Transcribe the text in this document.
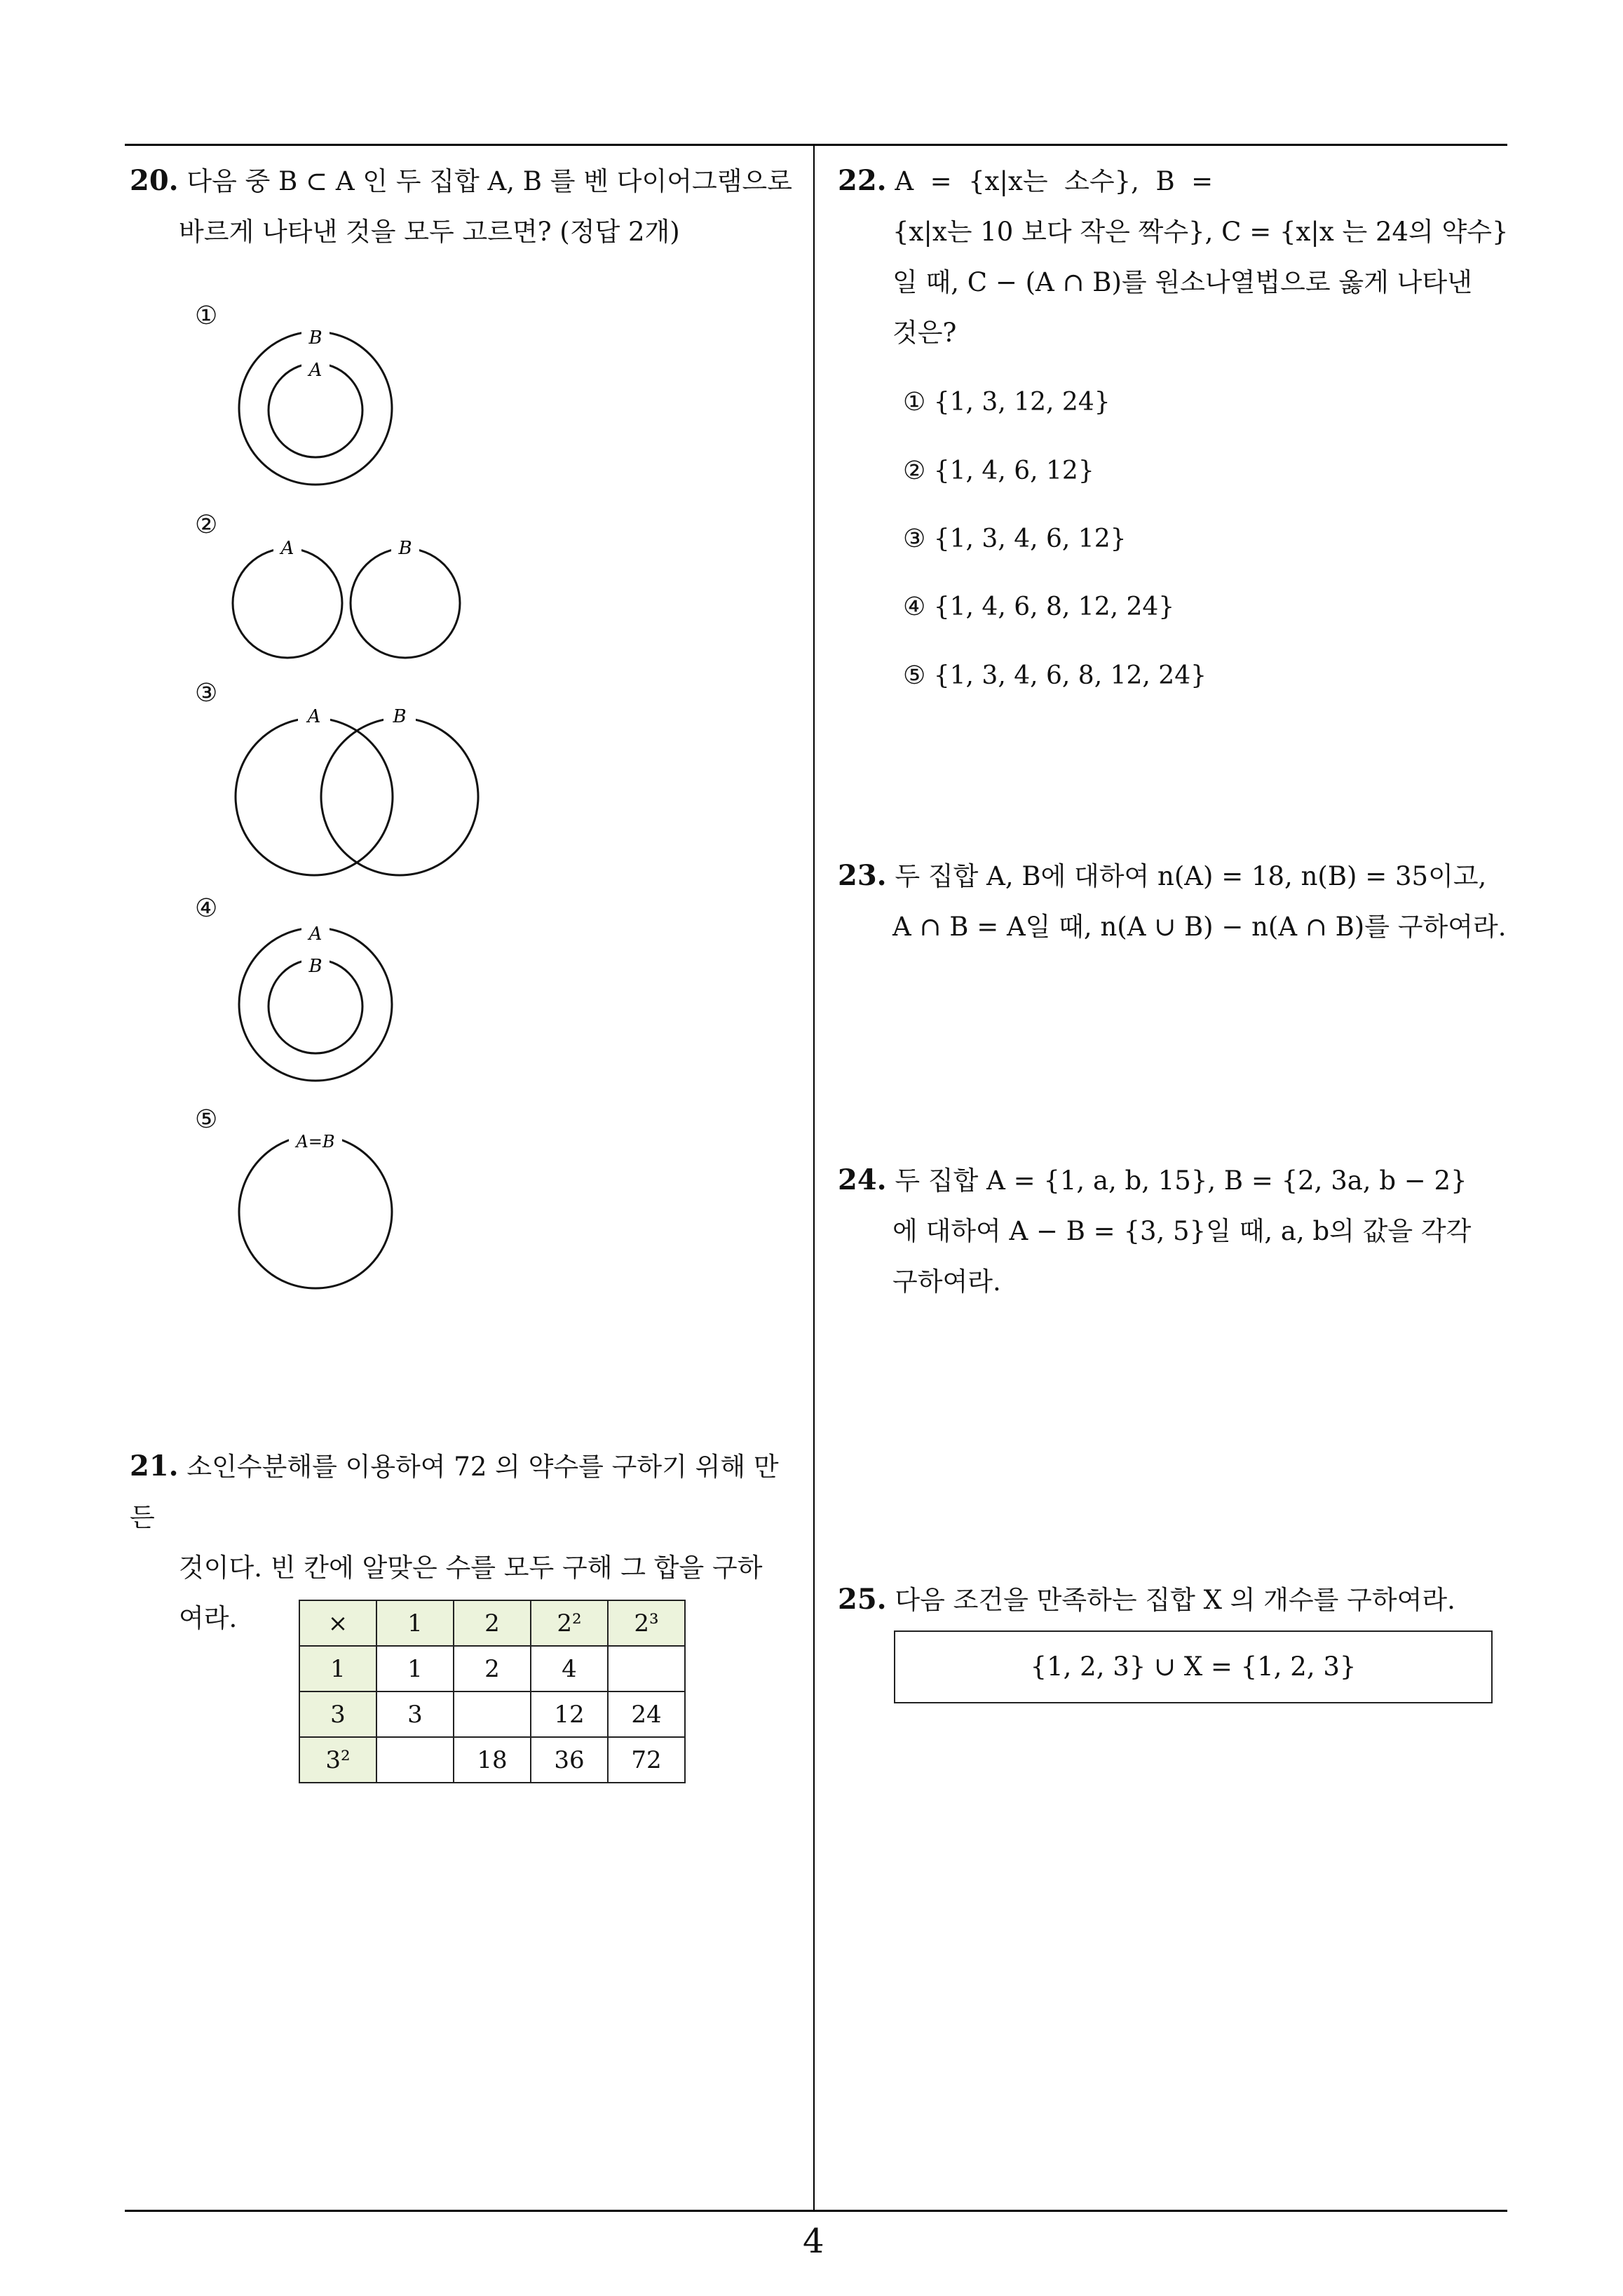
20. 다음 중 B ⊂ A 인 두 집합 A, B 를 벤 다이어그램으로
바르게 나타낸 것을 모두 고르면? (정답 2개)
①
B
A
②
A	B
③
A	B
④
A
B
⑤
A=B
21. 소인수분해를 이용하여 72 의 약수를 구하기 위해 만든
것이다. 빈 칸에 알맞은 수를 모두 구해 그 합을 구하
여라.	×	1	2	2²	2³
1	1	2	4	
3	3		12	24
3²		18	36	72
22. A  =  {x|x는  소수},  B  =
{x|x는 10 보다 작은 짝수}, C = {x|x 는 24의 약수}
일 때, C − (A ∩ B)를 원소나열법으로 옳게 나타낸
것은?
① {1, 3, 12, 24}
② {1, 4, 6, 12}
③ {1, 3, 4, 6, 12}
④ {1, 4, 6, 8, 12, 24}
⑤ {1, 3, 4, 6, 8, 12, 24}
23. 두 집합 A, B에 대하여 n(A) = 18, n(B) = 35이고,
A ∩ B = A일 때, n(A ∪ B) − n(A ∩ B)를 구하여라.
24. 두 집합 A = {1, a, b, 15}, B = {2, 3a, b − 2}
에 대하여 A − B = {3, 5}일 때, a, b의 값을 각각
구하여라.
25. 다음 조건을 만족하는 집합 X 의 개수를 구하여라.
{1, 2, 3} ∪ X = {1, 2, 3}
4
